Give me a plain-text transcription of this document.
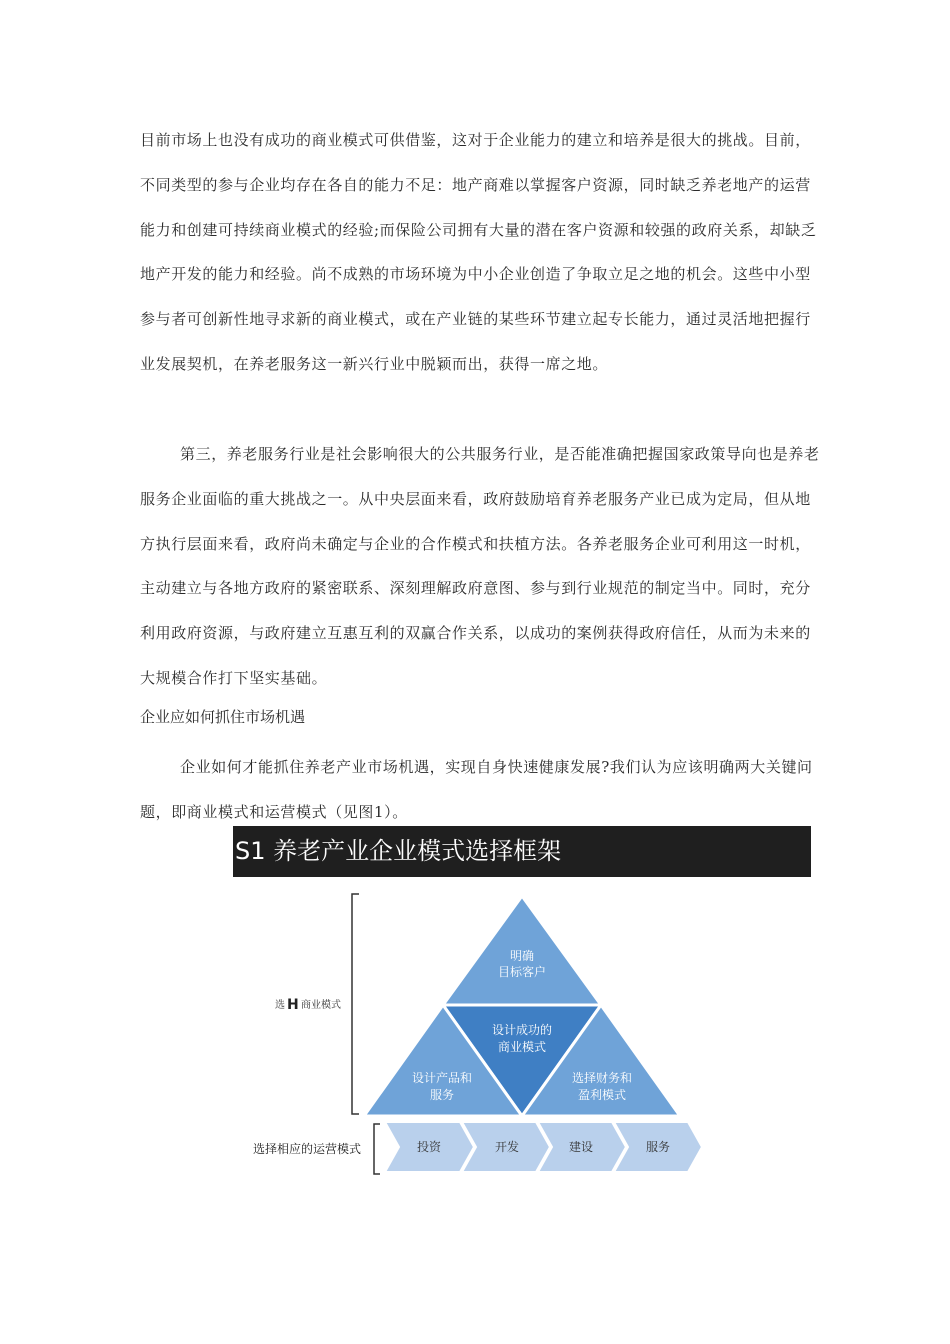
目前市场上也没有成功的商业模式可供借鉴，这对于企业能力的建立和培养是很大的挑战。目前，不同类型的参与企业均存在各自的能力不足：地产商难以掌握客户资源，同时缺乏养老地产的运营能力和创建可持续商业模式的经验;而保险公司拥有大量的潜在客户资源和较强的政府关系，却缺乏地产开发的能力和经验。尚不成熟的市场环境为中小企业创造了争取立足之地的机会。这些中小型参与者可创新性地寻求新的商业模式，或在产业链的某些环节建立起专长能力，通过灵活地把握行业发展契机，在养老服务这一新兴行业中脱颖而出，获得一席之地。

第三，养老服务行业是社会影响很大的公共服务行业，是否能准确把握国家政策导向也是养老服务企业面临的重大挑战之一。从中央层面来看，政府鼓励培育养老服务产业已成为定局，但从地方执行层面来看，政府尚未确定与企业的合作模式和扶植方法。各养老服务企业可利用这一时机，主动建立与各地方政府的紧密联系、深刻理解政府意图、参与到行业规范的制定当中。同时，充分利用政府资源，与政府建立互惠互利的双赢合作关系，以成功的案例获得政府信任，从而为未来的大规模合作打下坚实基础。

企业应如何抓住市场机遇

企业如何才能抓住养老产业市场机遇，实现自身快速健康发展?我们认为应该明确两大关键问题，即商业模式和运营模式（见图1）。

S1 养老产业企业模式选择框架
选 H 商业模式
明确
目标客户
设计成功的
商业模式
设计产品和
服务
选择财务和
盈利模式
选择相应的运营模式	投资	开发	建设	服务
